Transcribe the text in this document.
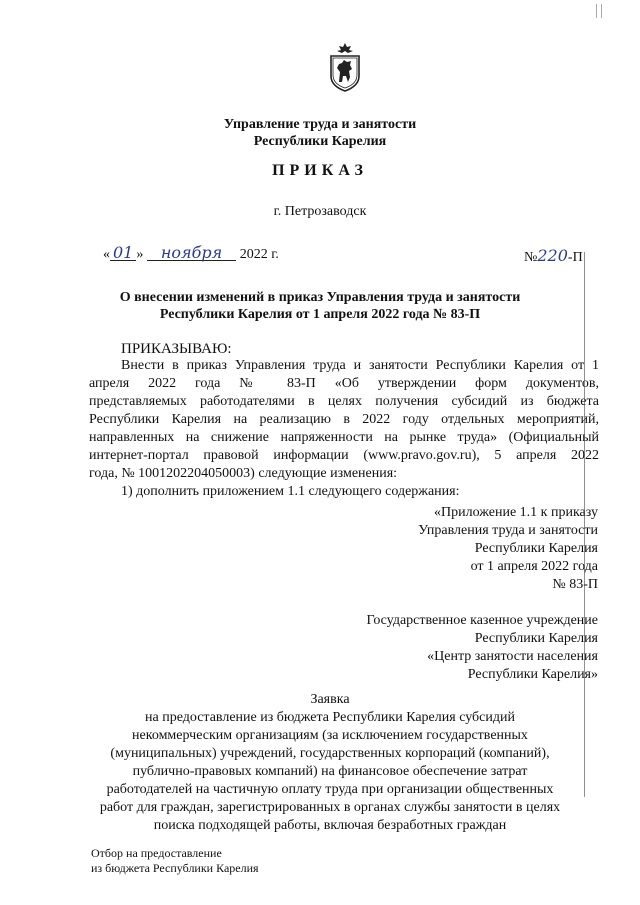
Управление труда и занятости
Республики Карелия
ПРИКАЗ
г. Петрозаводск
« 01 » ноября 2022 г.	№220-П
О внесении изменений в приказ Управления труда и занятости
Республики Карелия от 1 апреля 2022 года № 83-П
ПРИКАЗЫВАЮ:
Внести в приказ Управления труда и занятости Республики Карелия от 1
апреля 2022 года № 83-П «Об утверждении форм документов,
представляемых работодателями в целях получения субсидий из бюджета
Республики Карелия на реализацию в 2022 году отдельных мероприятий,
направленных на снижение напряженности на рынке труда» (Официальный
интернет-портал правовой информации (www.pravo.gov.ru), 5 апреля 2022
года, № 1001202204050003) следующие изменения:
1) дополнить приложением 1.1 следующего содержания:
«Приложение 1.1 к приказу
Управления труда и занятости
Республики Карелия
от 1 апреля 2022 года
№ 83-П
Государственное казенное учреждение
Республики Карелия
«Центр занятости населения
Республики Карелия»
Заявка
на предоставление из бюджета Республики Карелия субсидий
некоммерческим организациям (за исключением государственных
(муниципальных) учреждений, государственных корпораций (компаний),
публично-правовых компаний) на финансовое обеспечение затрат
работодателей на частичную оплату труда при организации общественных
работ для граждан, зарегистрированных в органах службы занятости в целях
поиска подходящей работы, включая безработных граждан
Отбор на предоставление
из бюджета Республики Карелия
